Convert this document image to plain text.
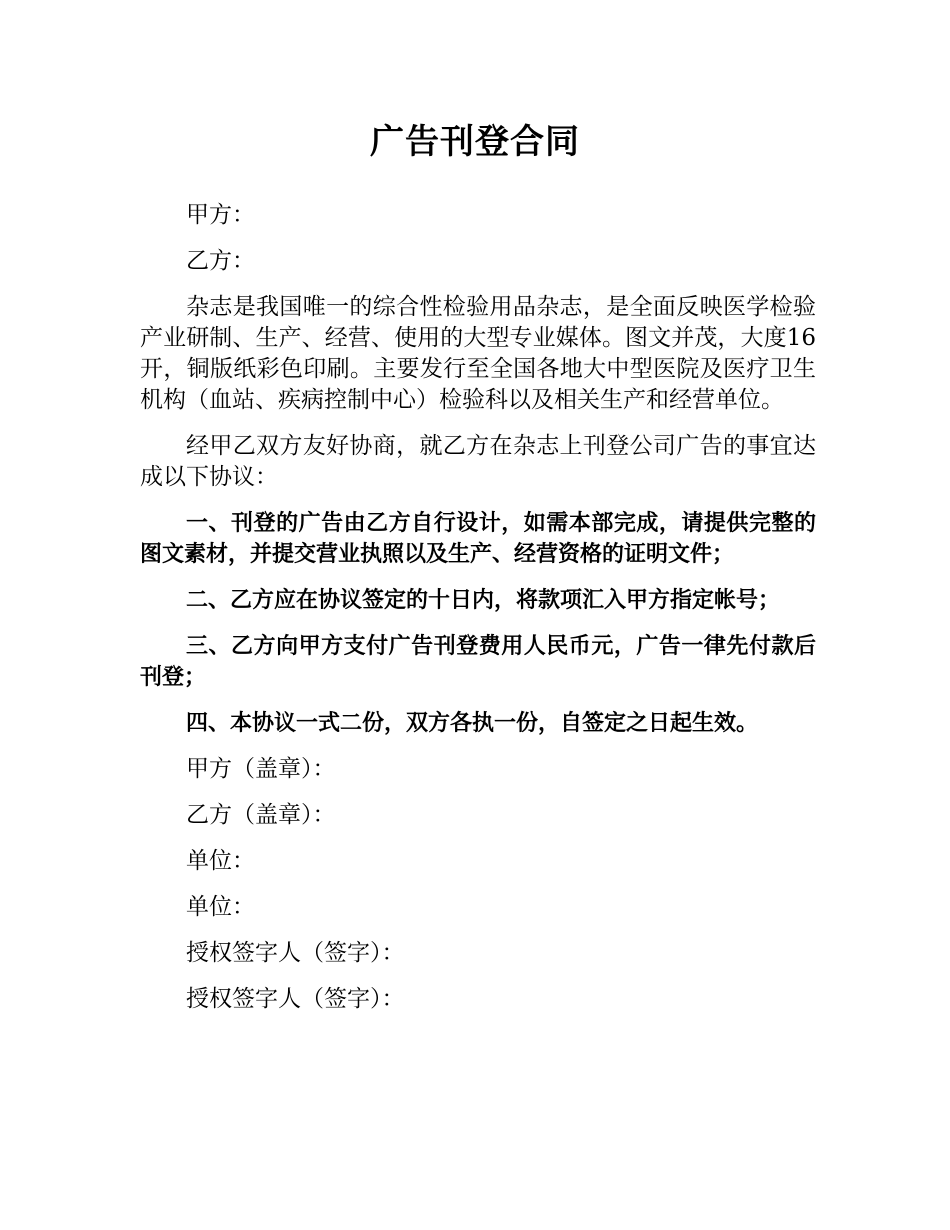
广告刊登合同

甲方：

乙方：

杂志是我国唯一的综合性检验用品杂志，是全面反映医学检验产业研制、生产、经营、使用的大型专业媒体。图文并茂，大度16开，铜版纸彩色印刷。主要发行至全国各地大中型医院及医疗卫生机构（血站、疾病控制中心）检验科以及相关生产和经营单位。

经甲乙双方友好协商，就乙方在杂志上刊登公司广告的事宜达成以下协议：

一、刊登的广告由乙方自行设计，如需本部完成，请提供完整的图文素材，并提交营业执照以及生产、经营资格的证明文件；

二、乙方应在协议签定的十日内，将款项汇入甲方指定帐号；

三、乙方向甲方支付广告刊登费用人民币元，广告一律先付款后刊登；

四、本协议一式二份，双方各执一份，自签定之日起生效。

甲方（盖章）：

乙方（盖章）：

单位：

单位：

授权签字人（签字）：

授权签字人（签字）：
